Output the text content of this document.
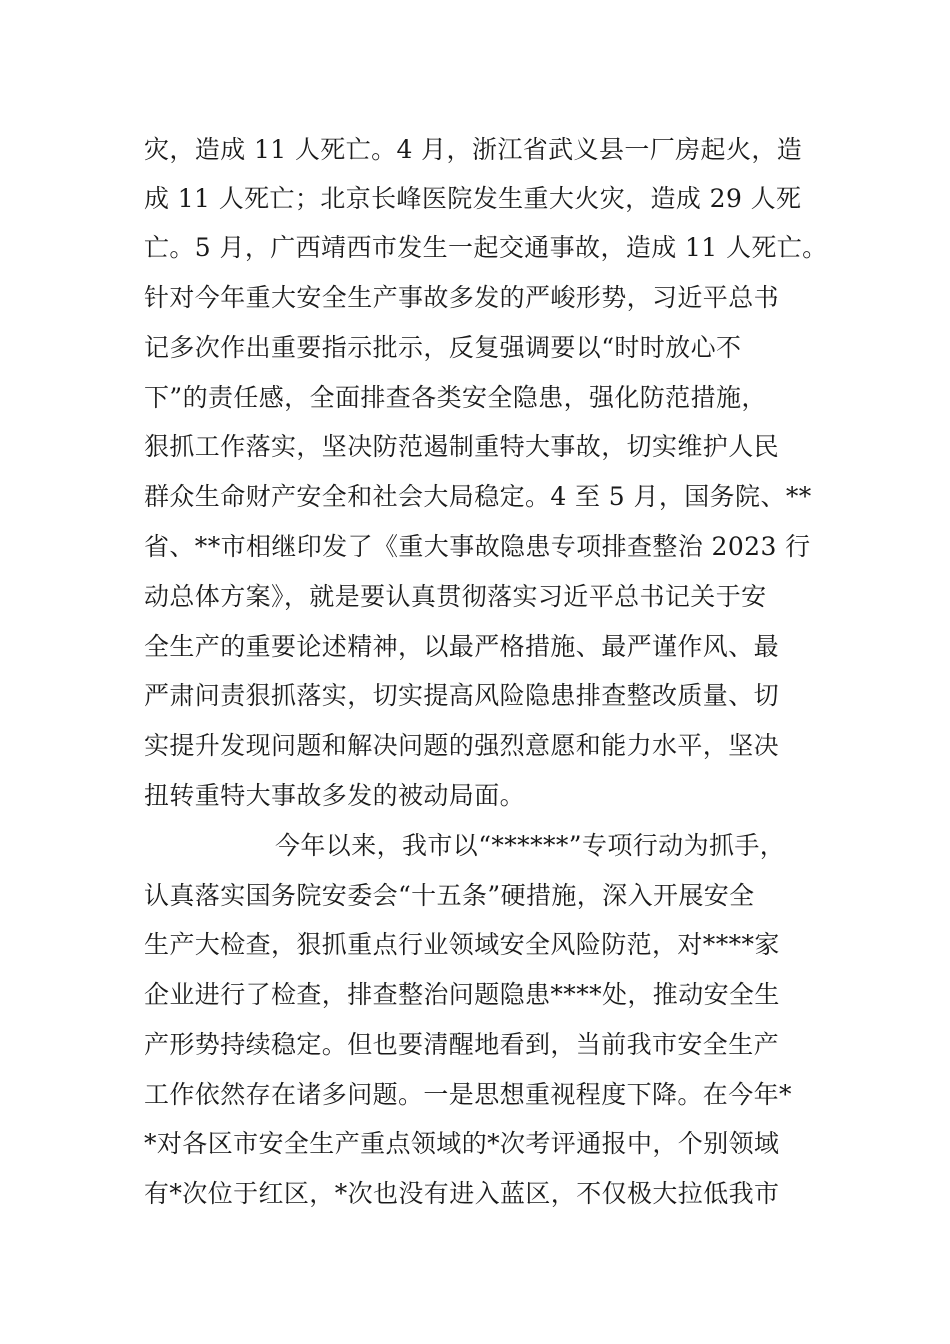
灾，造成 11 人死亡。4 月，浙江省武义县一厂房起火，造
成 11 人死亡；北京长峰医院发生重大火灾，造成 29 人死
亡。5 月，广西靖西市发生一起交通事故，造成 11 人死亡。
针对今年重大安全生产事故多发的严峻形势，习近平总书
记多次作出重要指示批示，反复强调要以“时时放心不
下”的责任感，全面排查各类安全隐患，强化防范措施，
狠抓工作落实，坚决防范遏制重特大事故，切实维护人民
群众生命财产安全和社会大局稳定。4 至 5 月，国务院、**
省、**市相继印发了《重大事故隐患专项排查整治 2023 行
动总体方案》，就是要认真贯彻落实习近平总书记关于安
全生产的重要论述精神，以最严格措施、最严谨作风、最
严肃问责狠抓落实，切实提高风险隐患排查整改质量、切
实提升发现问题和解决问题的强烈意愿和能力水平，坚决
扭转重特大事故多发的被动局面。
今年以来，我市以“******”专项行动为抓手，
认真落实国务院安委会“十五条”硬措施，深入开展安全
生产大检查，狠抓重点行业领域安全风险防范，对****家
企业进行了检查，排查整治问题隐患****处，推动安全生
产形势持续稳定。但也要清醒地看到，当前我市安全生产
工作依然存在诸多问题。一是思想重视程度下降。在今年*
*对各区市安全生产重点领域的*次考评通报中，个别领域
有*次位于红区，*次也没有进入蓝区，不仅极大拉低我市
